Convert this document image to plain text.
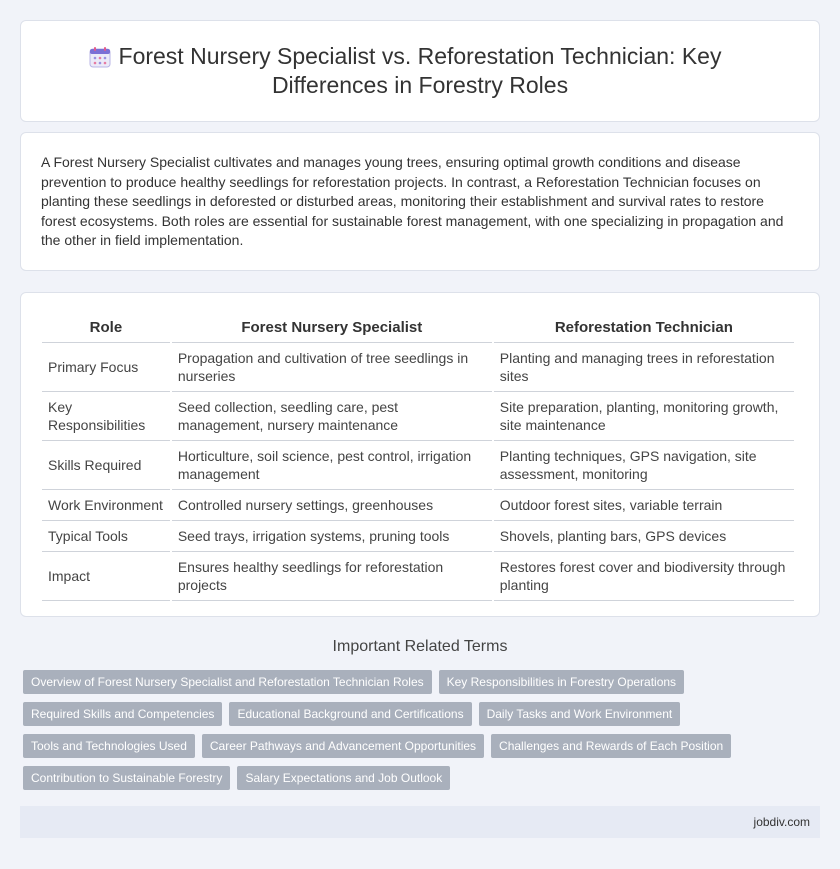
Forest Nursery Specialist vs. Reforestation Technician: Key Differences in Forestry Roles

A Forest Nursery Specialist cultivates and manages young trees, ensuring optimal growth conditions and disease prevention to produce healthy seedlings for reforestation projects. In contrast, a Reforestation Technician focuses on planting these seedlings in deforested or disturbed areas, monitoring their establishment and survival rates to restore forest ecosystems. Both roles are essential for sustainable forest management, with one specializing in propagation and the other in field implementation.

Role	Forest Nursery Specialist	Reforestation Technician
Primary Focus	Propagation and cultivation of tree seedlings in nurseries	Planting and managing trees in reforestation sites
Key Responsibilities	Seed collection, seedling care, pest management, nursery maintenance	Site preparation, planting, monitoring growth, site maintenance
Skills Required	Horticulture, soil science, pest control, irrigation management	Planting techniques, GPS navigation, site assessment, monitoring
Work Environment	Controlled nursery settings, greenhouses	Outdoor forest sites, variable terrain
Typical Tools	Seed trays, irrigation systems, pruning tools	Shovels, planting bars, GPS devices
Impact	Ensures healthy seedlings for reforestation projects	Restores forest cover and biodiversity through planting
Important Related Terms
Overview of Forest Nursery Specialist and Reforestation Technician Roles	Key Responsibilities in Forestry Operations
Required Skills and Competencies	Educational Background and Certifications	Daily Tasks and Work Environment
Tools and Technologies Used	Career Pathways and Advancement Opportunities	Challenges and Rewards of Each Position
Contribution to Sustainable Forestry	Salary Expectations and Job Outlook
jobdiv.com
